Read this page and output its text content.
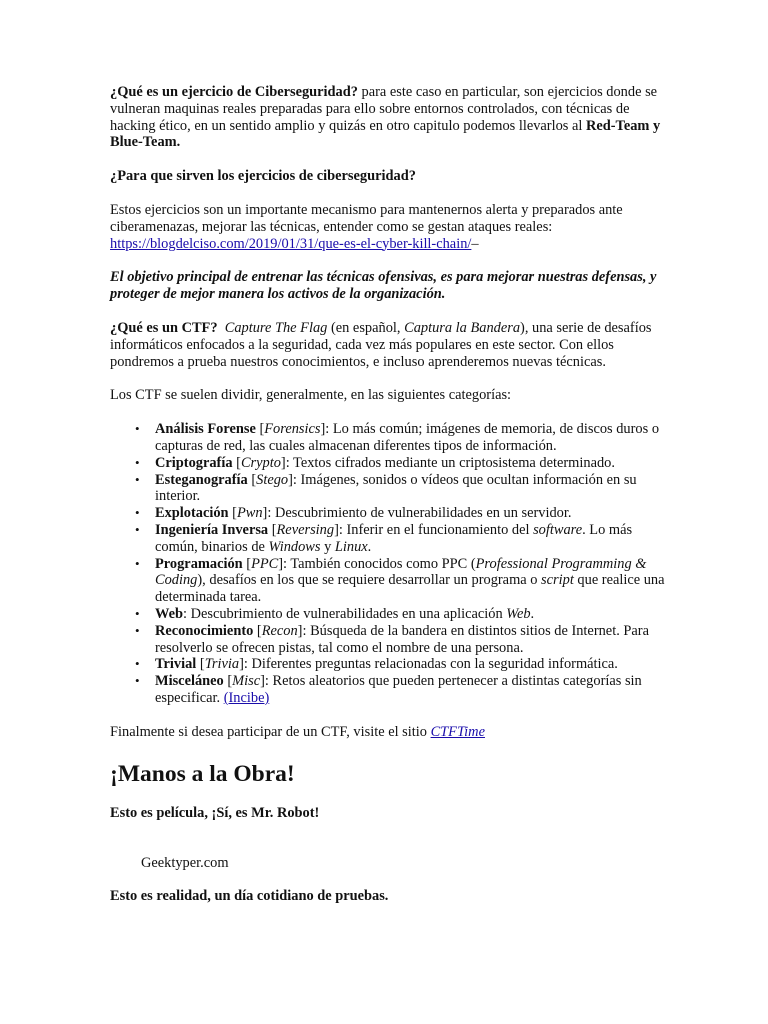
¿Qué es un ejercicio de Ciberseguridad? para este caso en particular, son ejercicios donde se vulneran maquinas reales preparadas para ello sobre entornos controlados, con técnicas de hacking ético, en un sentido amplio y quizás en otro capitulo podemos llevarlos al Red-Team y Blue-Team.

¿Para que sirven los ejercicios de ciberseguridad?

Estos ejercicios son un importante mecanismo para mantenernos alerta y preparados ante ciberamenazas, mejorar las técnicas, entender como se gestan ataques reales: https://blogdelciso.com/2019/01/31/que-es-el-cyber-kill-chain/–

El objetivo principal de entrenar las técnicas ofensivas, es para mejorar nuestras defensas, y proteger de mejor manera los activos de la organización.

¿Qué es un CTF? Capture The Flag (en español, Captura la Bandera), una serie de desafíos informáticos enfocados a la seguridad, cada vez más populares en este sector. Con ellos pondremos a prueba nuestros conocimientos, e incluso aprenderemos nuevas técnicas.

Los CTF se suelen dividir, generalmente, en las siguientes categorías:

• Análisis Forense [Forensics]: Lo más común; imágenes de memoria, de discos duros o capturas de red, las cuales almacenan diferentes tipos de información.
• Criptografía [Crypto]: Textos cifrados mediante un criptosistema determinado.
• Esteganografía [Stego]: Imágenes, sonidos o vídeos que ocultan información en su interior.
• Explotación [Pwn]: Descubrimiento de vulnerabilidades en un servidor.
• Ingeniería Inversa [Reversing]: Inferir en el funcionamiento del software. Lo más común, binarios de Windows y Linux.
• Programación [PPC]: También conocidos como PPC (Professional Programming & Coding), desafíos en los que se requiere desarrollar un programa o script que realice una determinada tarea.
• Web: Descubrimiento de vulnerabilidades en una aplicación Web.
• Reconocimiento [Recon]: Búsqueda de la bandera en distintos sitios de Internet. Para resolverlo se ofrecen pistas, tal como el nombre de una persona.
• Trivial [Trivia]: Diferentes preguntas relacionadas con la seguridad informática.
• Misceláneo [Misc]: Retos aleatorios que pueden pertenecer a distintas categorías sin especificar. (Incibe)

Finalmente si desea participar de un CTF, visite el sitio CTFTime

¡Manos a la Obra!

Esto es película, ¡Sí, es Mr. Robot!

Geektyper.com

Esto es realidad, un día cotidiano de pruebas.
